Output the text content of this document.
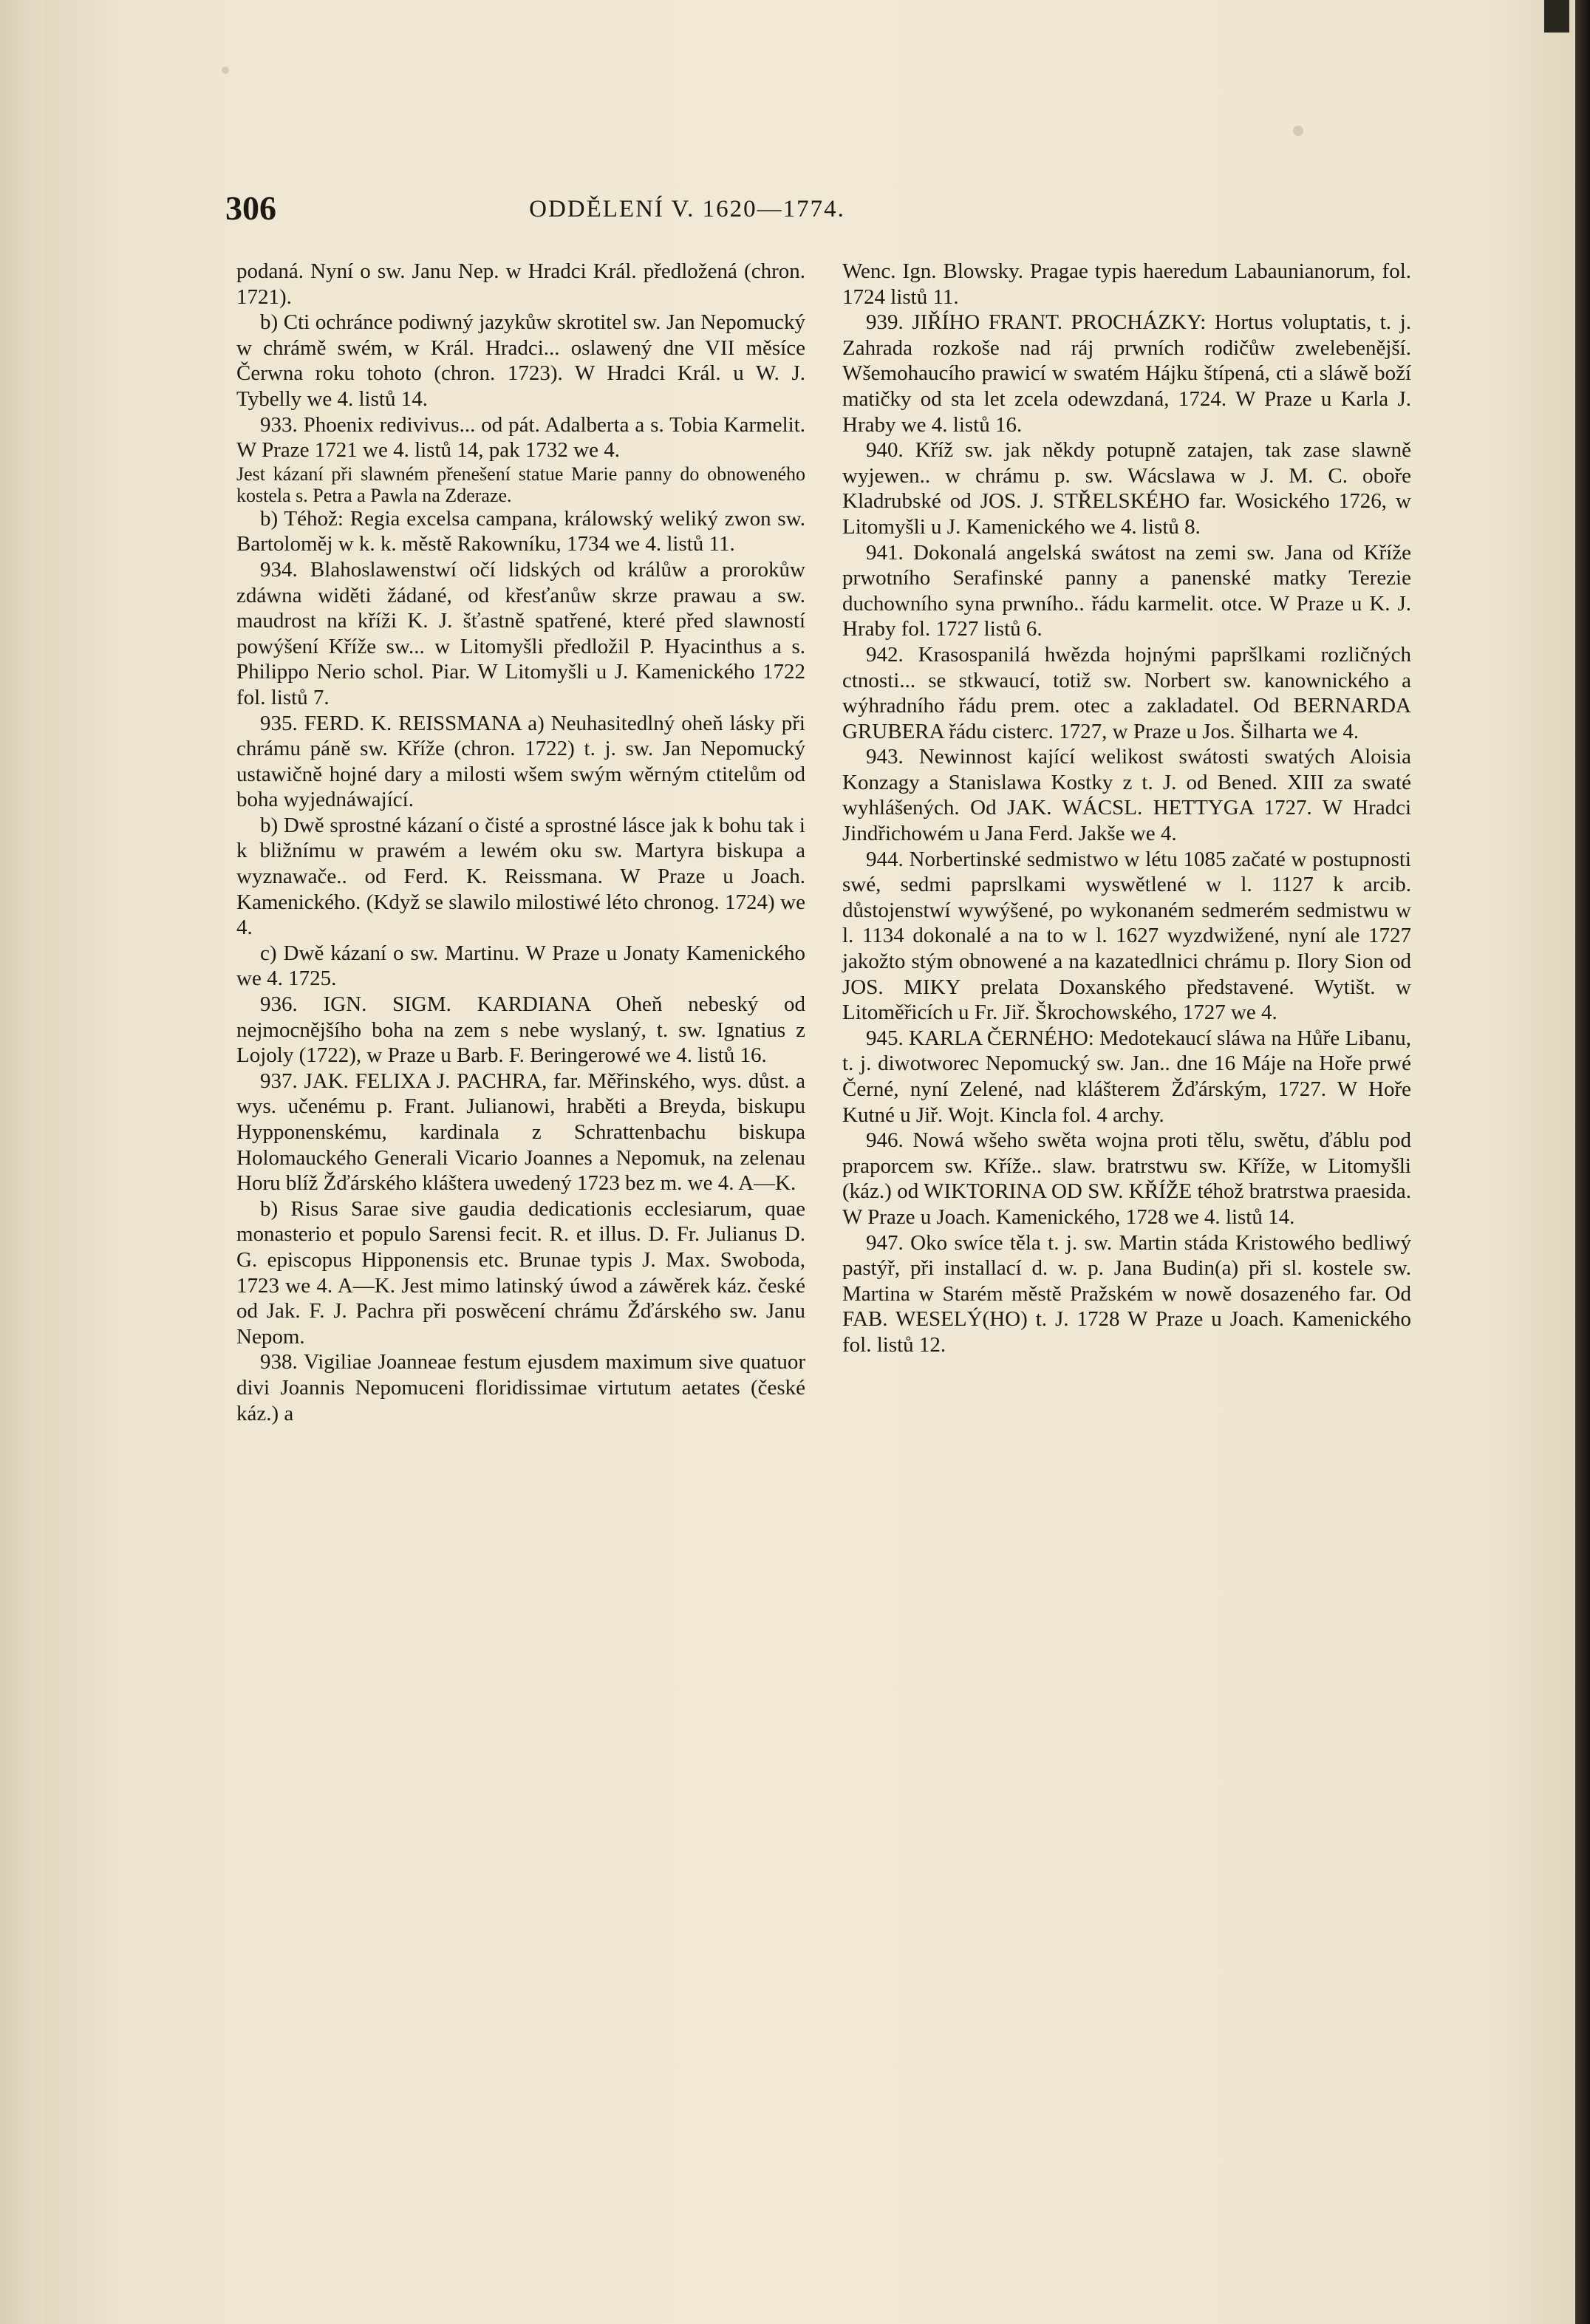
306	ODDĚLENÍ V. 1620—1774.

podaná. Nyní o sw. Janu Nep. w Hradci Král. předložená (chron. 1721).

b) Cti ochránce podiwný jazykůw skrotitel sw. Jan Nepomucký w chrámě swém, w Král. Hradci... oslawený dne VII měsíce Čerwna roku tohoto (chron. 1723). W Hradci Král. u W. J. Tybelly we 4. listů 14.

933. Phoenix redivivus... od pát. Adalberta a s. Tobia Karmelit. W Praze 1721 we 4. listů 14, pak 1732 we 4.

Jest kázaní při slawném přenešení statue Marie panny do obnoweného kostela s. Petra a Pawla na Zderaze.

b) Téhož: Regia excelsa campana, králowský weliký zwon sw. Bartoloměj w k. k. městě Rakowníku, 1734 we 4. listů 11.

934. Blahoslawenstwí očí lidských od králůw a prorokůw zdáwna widěti žádané, od křesťanůw skrze prawau a sw. maudrost na kříži K. J. šťastně spatřené, které před slawností powýšení Kříže sw... w Litomyšli předložil P. Hyacinthus a s. Philippo Nerio schol. Piar. W Litomyšli u J. Kamenického 1722 fol. listů 7.

935. FERD. K. REISSMANA a) Neuhasitedlný oheň lásky při chrámu páně sw. Kříže (chron. 1722) t. j. sw. Jan Nepomucký ustawičně hojné dary a milosti wšem swým wěrným ctitelům od boha wyjednáwající.

b) Dwě sprostné kázaní o čisté a sprostné lásce jak k bohu tak i k bližnímu w prawém a lewém oku sw. Martyra biskupa a wyznawače.. od Ferd. K. Reissmana. W Praze u Joach. Kamenického. (Když se slawilo milostiwé léto chronog. 1724) we 4.

c) Dwě kázaní o sw. Martinu. W Praze u Jonaty Kamenického we 4. 1725.

936. IGN. SIGM. KARDIANA Oheň nebeský od nejmocnějšího boha na zem s nebe wyslaný, t. sw. Ignatius z Lojoly (1722), w Praze u Barb. F. Beringerowé we 4. listů 16.

937. JAK. FELIXA J. PACHRA, far. Měřinského, wys. důst. a wys. učenému p. Frant. Julianowi, hraběti a Breyda, biskupu Hypponenskému, kardinala z Schrattenbachu biskupa Holomauckého Generali Vicario Joannes a Nepomuk, na zelenau Horu blíž Žďárského kláštera uwedený 1723 bez m. we 4. A—K.

b) Risus Sarae sive gaudia dedicationis ecclesiarum, quae monasterio et populo Sarensi fecit. R. et illus. D. Fr. Julianus D. G. episcopus Hipponensis etc. Brunae typis J. Max. Swoboda, 1723 we 4. A—K. Jest mimo latinský úwod a záwěrek káz. české od Jak. F. J. Pachra při poswěcení chrámu Žďárského sw. Janu Nepom.

938. Vigiliae Joanneae festum ejusdem maximum sive quatuor divi Joannis Nepomuceni floridissimae virtutum aetates (české káz.) a

Wenc. Ign. Blowsky. Pragae typis haeredum Labaunianorum, fol. 1724 listů 11.

939. JIŘÍHO FRANT. PROCHÁZKY: Hortus voluptatis, t. j. Zahrada rozkoše nad ráj prwních rodičůw zwelebenější. Wšemohaucího prawicí w swatém Hájku štípená, cti a sláwě boží matičky od sta let zcela odewzdaná, 1724. W Praze u Karla J. Hraby we 4. listů 16.

940. Kříž sw. jak někdy potupně zatajen, tak zase slawně wyjewen.. w chrámu p. sw. Wácslawa w J. M. C. oboře Kladrubské od JOS. J. STŘELSKÉHO far. Wosického 1726, w Litomyšli u J. Kamenického we 4. listů 8.

941. Dokonalá angelská swátost na zemi sw. Jana od Kříže prwotního Serafinské panny a panenské matky Terezie duchowního syna prwního.. řádu karmelit. otce. W Praze u K. J. Hraby fol. 1727 listů 6.

942. Krasospanilá hwězda hojnými papršlkami rozličných ctnosti... se stkwaucí, totiž sw. Norbert sw. kanownického a wýhradního řádu prem. otec a zakladatel. Od BERNARDA GRUBERA řádu cisterc. 1727, w Praze u Jos. Šilharta we 4.

943. Newinnost kající welikost swátosti swatých Aloisia Konzagy a Stanislawa Kostky z t. J. od Bened. XIII za swaté wyhlášených. Od JAK. WÁCSL. HETTYGA 1727. W Hradci Jindřichowém u Jana Ferd. Jakše we 4.

944. Norbertinské sedmistwo w létu 1085 začaté w postupnosti swé, sedmi paprslkami wyswětlené w l. 1127 k arcib. důstojenstwí wywýšené, po wykonaném sedmerém sedmistwu w l. 1134 dokonalé a na to w l. 1627 wyzdwižené, nyní ale 1727 jakožto stým obnowené a na kazatedlnici chrámu p. Ilory Sion od JOS. MIKY prelata Doxanského představené. Wytišt. w Litoměřicích u Fr. Jiř. Škrochowského, 1727 we 4.

945. KARLA ČERNÉHO: Medotekaucí sláwa na Hůře Libanu, t. j. diwotworec Nepomucký sw. Jan.. dne 16 Máje na Hoře prwé Černé, nyní Zelené, nad klášterem Žďárským, 1727. W Hoře Kutné u Jiř. Wojt. Kincla fol. 4 archy.

946. Nowá wšeho swěta wojna proti tělu, swětu, ďáblu pod praporcem sw. Kříže.. slaw. bratrstwu sw. Kříže, w Litomyšli (káz.) od WIKTORINA OD SW. KŘÍŽE téhož bratrstwa praesida. W Praze u Joach. Kamenického, 1728 we 4. listů 14.

947. Oko swíce těla t. j. sw. Martin stáda Kristowého bedliwý pastýř, při installací d. w. p. Jana Budin(a) při sl. kostele sw. Martina w Starém městě Pražském w nowě dosazeného far. Od FAB. WESELÝ(HO) t. J. 1728 W Praze u Joach. Kamenického fol. listů 12.
